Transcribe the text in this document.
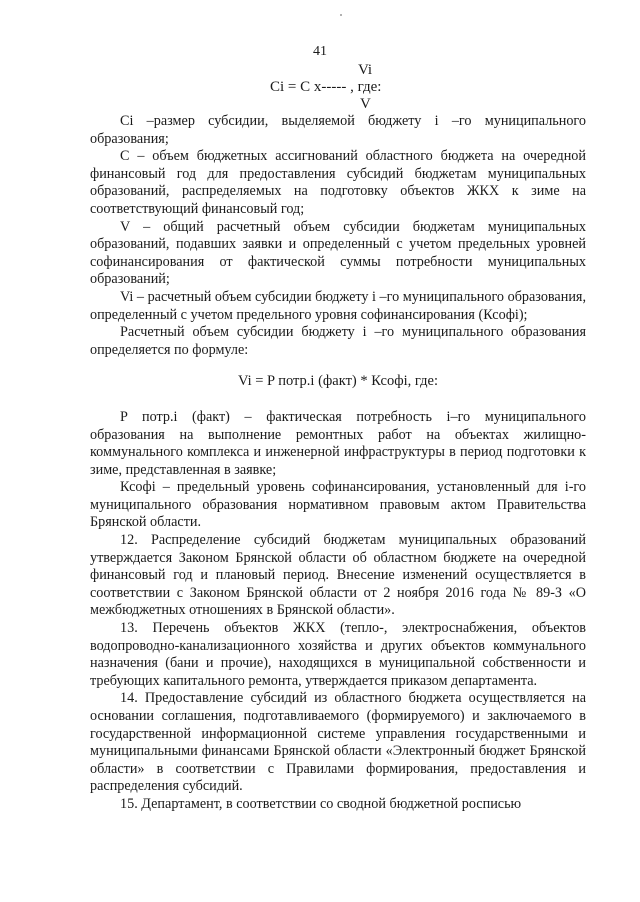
41
Vi
Ci = C x----- , где:
V

Ci –размер субсидии, выделяемой бюджету i –го муниципального образования;

C – объем бюджетных ассигнований областного бюджета на очередной финансовый год для предоставления субсидий бюджетам муниципальных образований, распределяемых на подготовку объектов ЖКХ к зиме на соответствующий финансовый год;

V – общий расчетный объем субсидии бюджетам муниципальных образований, подавших заявки и определенный с учетом предельных уровней софинансирования от фактической суммы потребности муниципальных образований;

Vi – расчетный объем субсидии бюджету i –го муниципального образования, определенный с учетом предельного уровня софинансирования (Ксофі);

Расчетный объем субсидии бюджету i –го муниципального образования определяется по формуле:

Vi = P потр.i (факт) * Ксофі, где:

P потр.i (факт) – фактическая потребность i–го муниципального образования на выполнение ремонтных работ на объектах жилищно-коммунального комплекса и инженерной инфраструктуры в период подготовки к зиме, представленная в заявке;

Ксофі – предельный уровень софинансирования, установленный для i-го муниципального образования нормативном правовым актом Правительства Брянской области.

12. Распределение субсидий бюджетам муниципальных образований утверждается Законом Брянской области об областном бюджете на очередной финансовый год и плановый период. Внесение изменений осуществляется в соответствии с Законом Брянской области от 2 ноября 2016 года № 89-З «О межбюджетных отношениях в Брянской области».

13. Перечень объектов ЖКХ (тепло-, электроснабжения, объектов водопроводно-канализационного хозяйства и других объектов коммунального назначения (бани и прочие), находящихся в муниципальной собственности и требующих капитального ремонта, утверждается приказом департамента.

14. Предоставление субсидий из областного бюджета осуществляется на основании соглашения, подготавливаемого (формируемого) и заключаемого в государственной информационной системе управления государственными и муниципальными финансами Брянской области «Электронный бюджет Брянской области» в соответствии с Правилами формирования, предоставления и распределения субсидий.

15. Департамент, в соответствии со сводной бюджетной росписью
